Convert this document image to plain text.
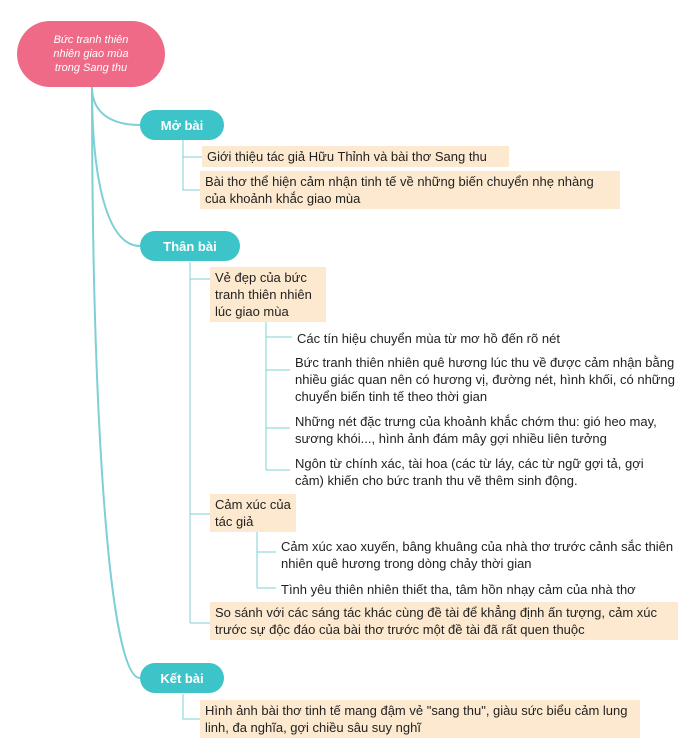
Bức tranh thiên nhiên giao mùa trong Sang thu
Mở bài
Giới thiệu tác giả Hữu Thỉnh và bài thơ Sang thu
Bài thơ thể hiện cảm nhận tinh tế về những biến chuyển nhẹ nhàng của khoảnh khắc giao mùa
Thân bài
Vẻ đẹp của bức tranh thiên nhiên lúc giao mùa
Các tín hiệu chuyển mùa từ mơ hồ đến rõ nét
Bức tranh thiên nhiên quê hương lúc thu về được cảm nhận bằng nhiều giác quan nên có hương vị, đường nét, hình khối, có những chuyển biến tinh tế theo thời gian
Những nét đặc trưng của khoảnh khắc chớm thu: gió heo may, sương khói..., hình ảnh đám mây gợi nhiều liên tưởng
Ngôn từ chính xác, tài hoa (các từ láy, các từ ngữ gợi tả, gợi cảm) khiến cho bức tranh thu vẽ thêm sinh động.
Cảm xúc của tác giả
Cảm xúc xao xuyến, bâng khuâng của nhà thơ trước cảnh sắc thiên nhiên quê hương trong dòng chảy thời gian
Tình yêu thiên nhiên thiết tha, tâm hồn nhạy cảm của nhà thơ
So sánh với các sáng tác khác cùng đề tài để khẳng định ấn tượng, cảm xúc trước sự độc đáo của bài thơ trước một đề tài đã rất quen thuộc
Kết bài
Hình ảnh bài thơ tinh tế mang đậm vẻ "sang thu", giàu sức biểu cảm lung linh, đa nghĩa, gợi chiều sâu suy nghĩ
